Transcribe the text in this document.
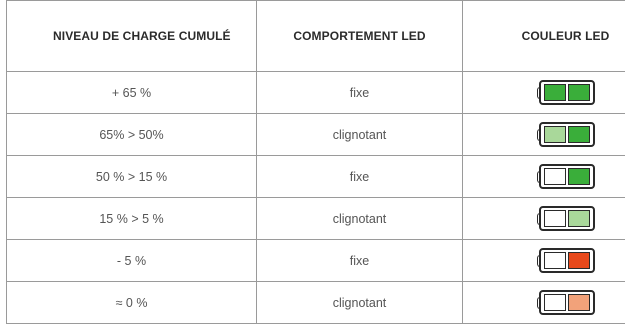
NIVEAU DE CHARGE CUMULÉ	COMPORTEMENT LED	COULEUR LED
+ 65 %	fixe	

65% > 50%	clignotant	

50 % > 15 %	fixe	

15 % > 5 %	clignotant	

- 5 %	fixe	

≈ 0 %	clignotant	
